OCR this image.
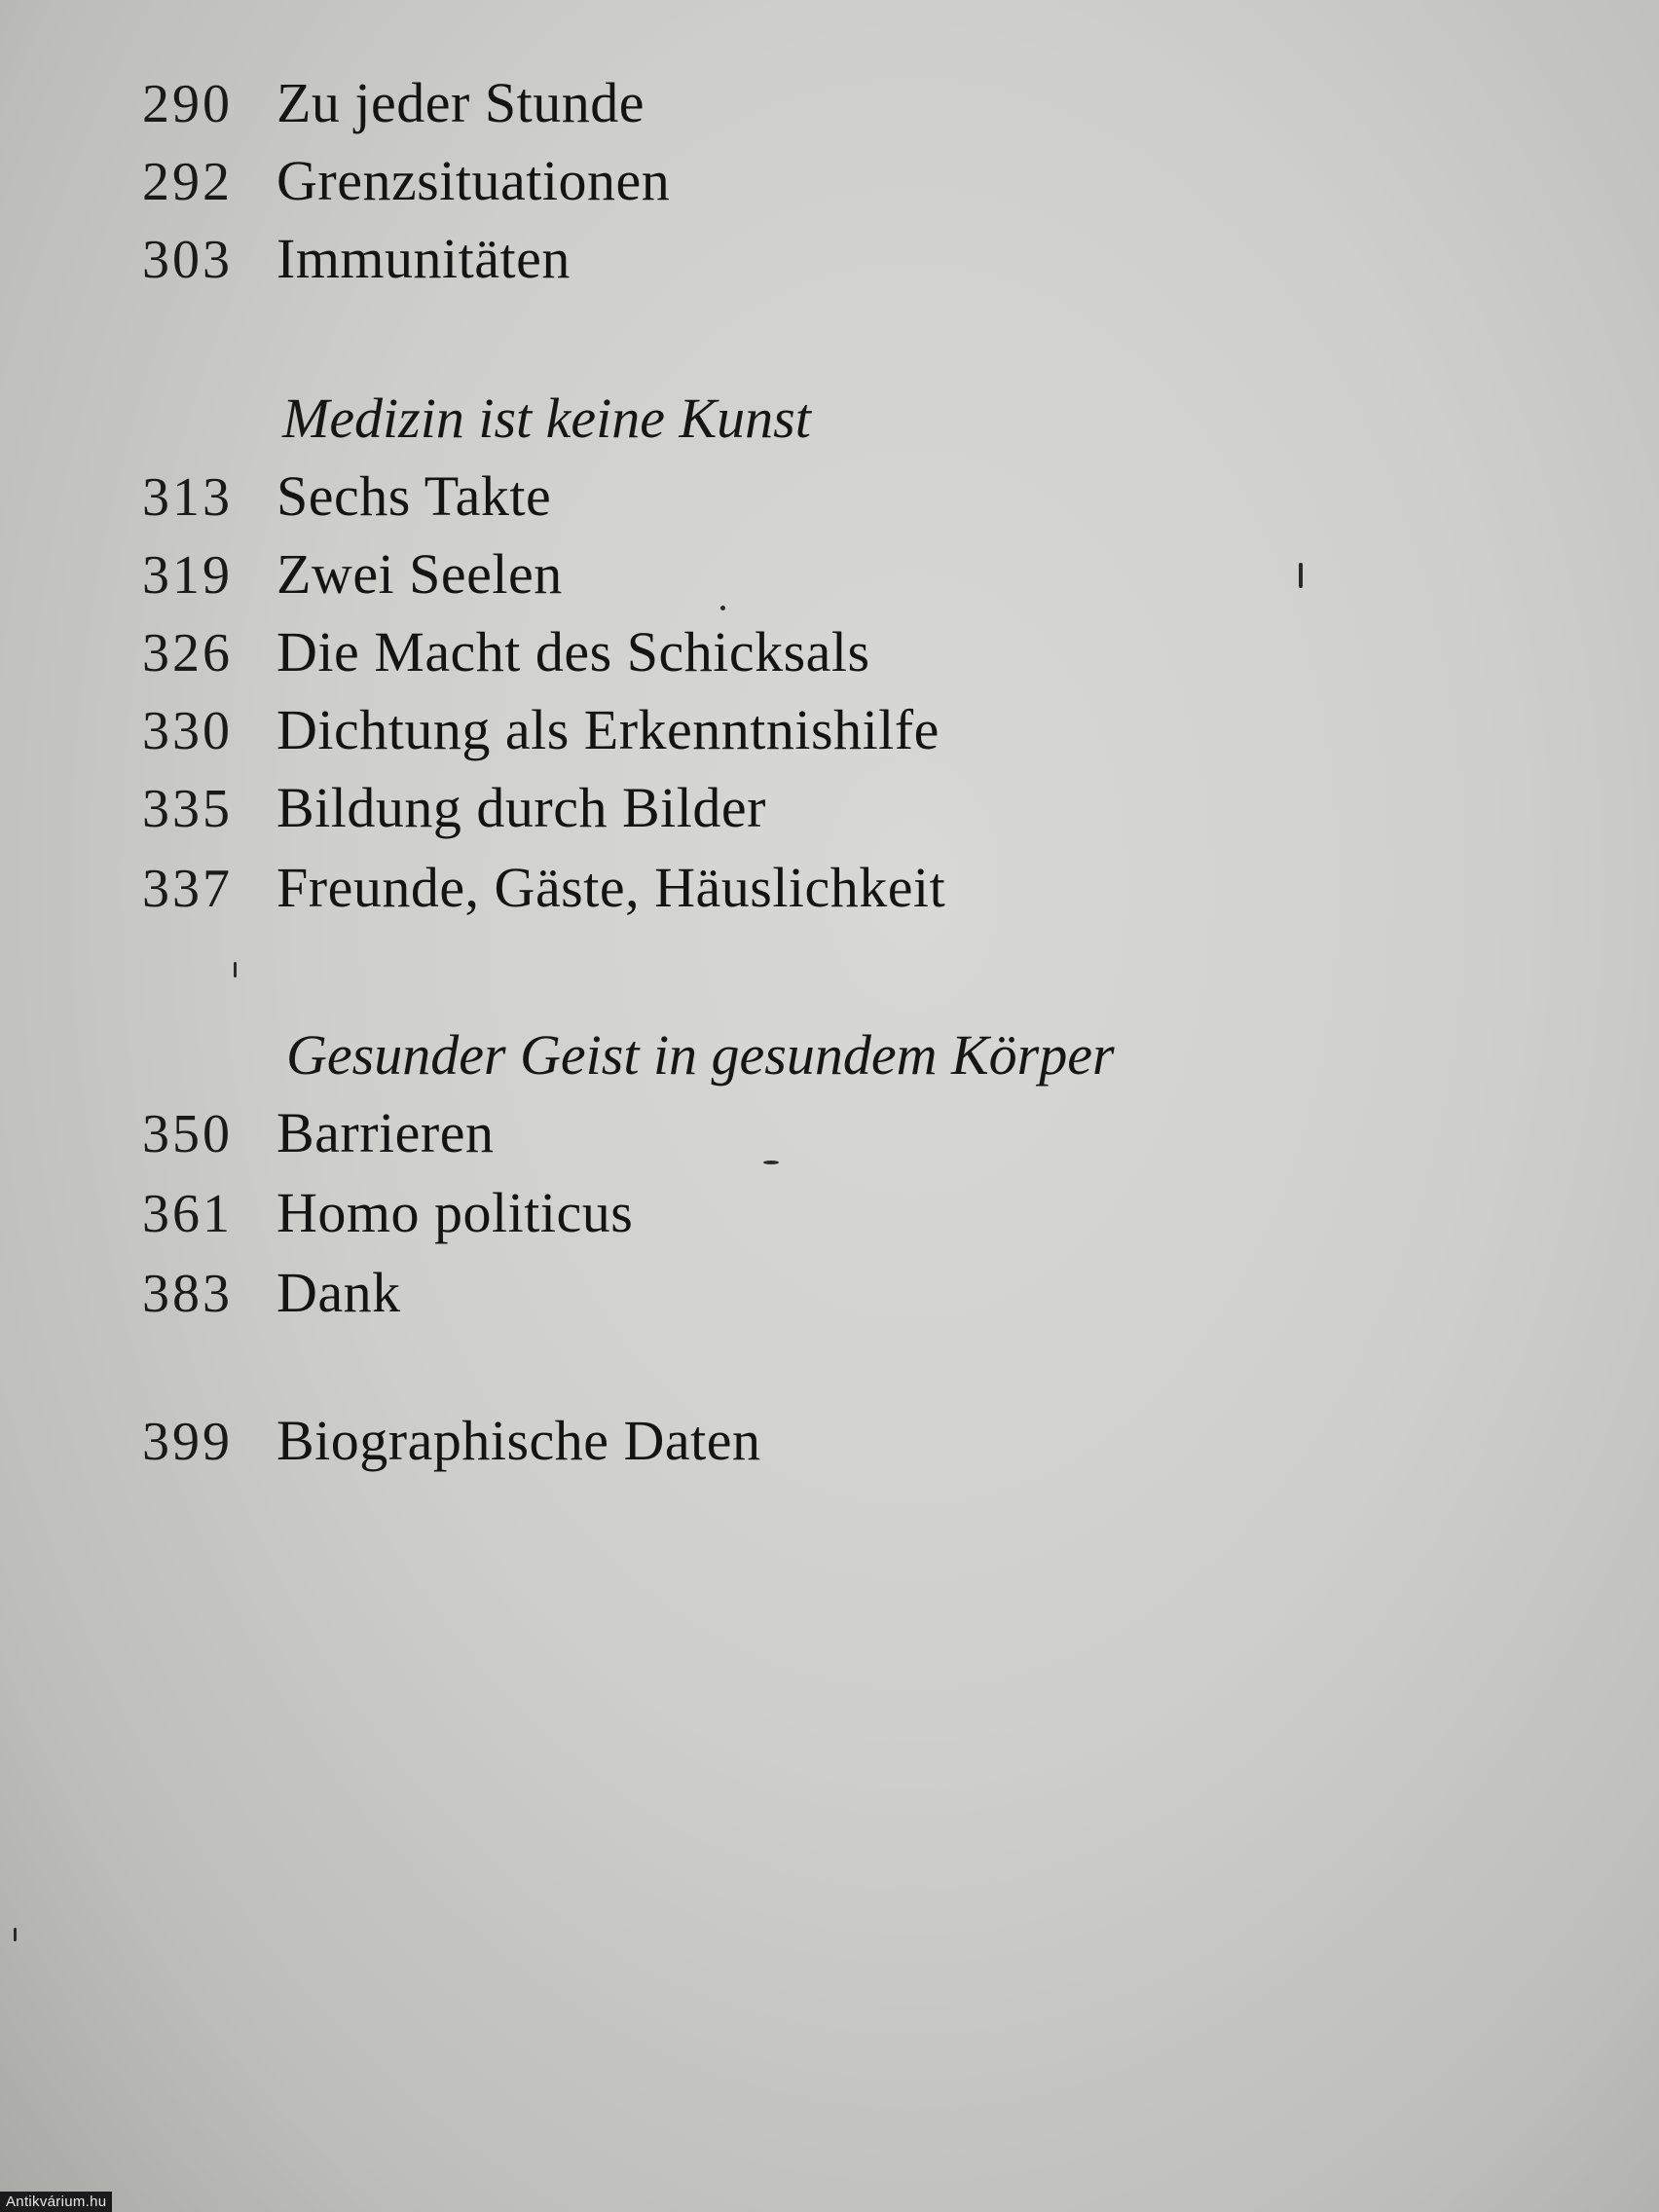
290 Zu jeder Stunde
292 Grenzsituationen
303 Immunitäten
Medizin ist keine Kunst
313 Sechs Takte
319 Zwei Seelen
326 Die Macht des Schicksals
330 Dichtung als Erkenntnishilfe
335 Bildung durch Bilder
337 Freunde, Gäste, Häuslichkeit
Gesunder Geist in gesundem Körper
350 Barrieren
361 Homo politicus
383 Dank
399 Biographische Daten
Antikvárium.hu
